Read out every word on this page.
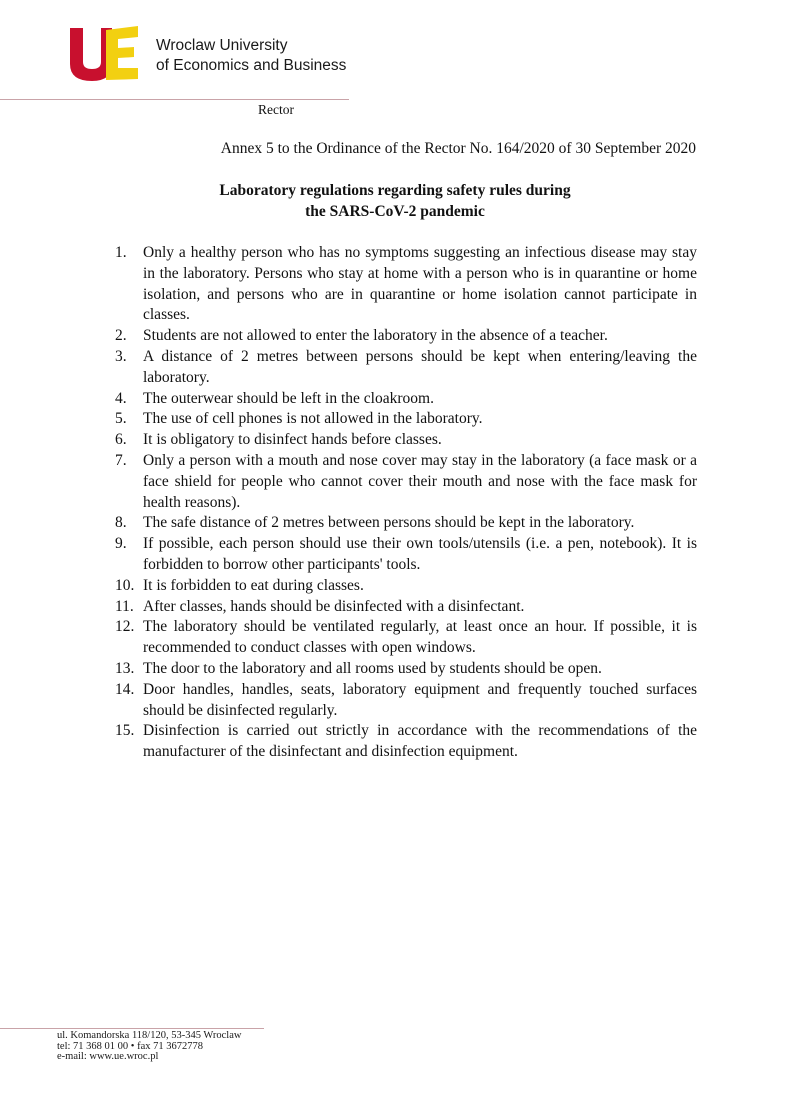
Wroclaw University
of Economics and Business
Rector
Annex 5 to the Ordinance of the Rector No. 164/2020 of 30 September 2020
Laboratory regulations regarding safety rules during
the SARS-CoV-2 pandemic
1. Only a healthy person who has no symptoms suggesting an infectious disease may stay in the laboratory. Persons who stay at home with a person who is in quarantine or home isolation, and persons who are in quarantine or home isolation cannot participate in classes.
2. Students are not allowed to enter the laboratory in the absence of a teacher.
3. A distance of 2 metres between persons should be kept when entering/leaving the laboratory.
4. The outerwear should be left in the cloakroom.
5. The use of cell phones is not allowed in the laboratory.
6. It is obligatory to disinfect hands before classes.
7. Only a person with a mouth and nose cover may stay in the laboratory (a face mask or a face shield for people who cannot cover their mouth and nose with the face mask for health reasons).
8. The safe distance of 2 metres between persons should be kept in the laboratory.
9. If possible, each person should use their own tools/utensils (i.e. a pen, notebook). It is forbidden to borrow other participants' tools.
10. It is forbidden to eat during classes.
11. After classes, hands should be disinfected with a disinfectant.
12. The laboratory should be ventilated regularly, at least once an hour. If possible, it is recommended to conduct classes with open windows.
13. The door to the laboratory and all rooms used by students should be open.
14. Door handles, handles, seats, laboratory equipment and frequently touched surfaces should be disinfected regularly.
15. Disinfection is carried out strictly in accordance with the recommendations of the manufacturer of the disinfectant and disinfection equipment.
ul. Komandorska 118/120, 53-345 Wroclaw
tel: 71 368 01 00 • fax 71 3672778
e-mail: www.ue.wroc.pl
